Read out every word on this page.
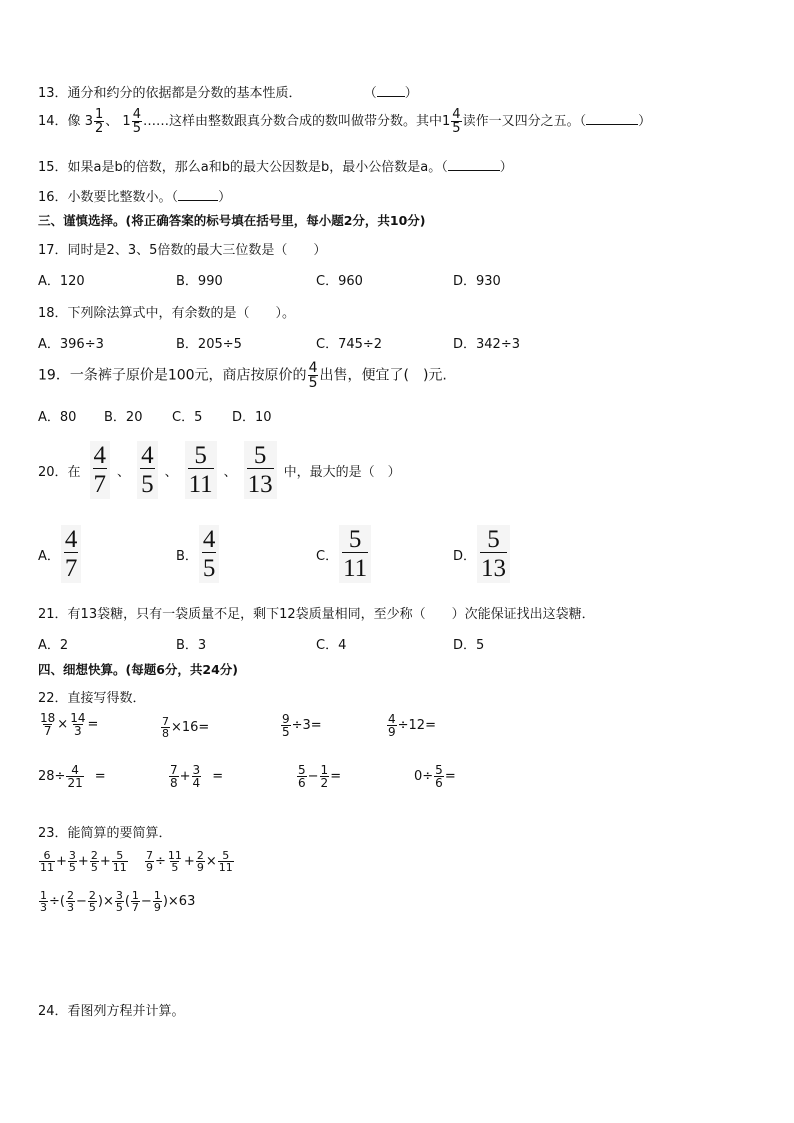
13．通分和约分的依据都是分数的基本性质．	（ ）
14．像 $3 \frac{1}{2}$ 、 $1 \frac{4}{5}$ ……这样由整数跟真分数合成的数叫做带分数。其中$1 \frac{4}{5}$ 读作一又四分之五。（	）
15．如果a是b的倍数，那么a和b的最大公因数是b，最小公倍数是a。（	）
16．小数要比整数小。（	）
三、谨慎选择。(将正确答案的标号填在括号里，每小题2分，共10分)
17．同时是2、3、5倍数的最大三位数是（　　）
A．120	B．990	C．960	D．930
18．下列除法算式中，有余数的是（　　）。
A．396÷3	B．205÷5	C．745÷2	D．342÷3
19．一条裤子原价是100元，商店按原价的 $\frac{4}{5}$ 出售，便宜了(　)元.
A．80 B．20 C．5 D．10
20．在 $\frac{4}{7}$ 、 $\frac{4}{5}$ 、 $\frac{5}{11}$ 、 $\frac{5}{13}$ 中，最大的是（　）
A． $\frac{4}{7}$	B． $\frac{4}{5}$	C． $\frac{5}{11}$	D． $\frac{5}{13}$
21．有13袋糖，只有一袋质量不足，剩下12袋质量相同，至少称（　　）次能保证找出这袋糖．
A．2	B．3	C．4	D．5
四、细想快算。(每题6分，共24分)
22．直接写得数．
$\frac{18}{7} \times \frac{14}{3}$ =	$\frac{7}{8} \times 16=$	$\frac{9}{5} \div 3=$	$\frac{4}{9} \div 12=$
$28\div \frac{4}{21}$ =	$\frac{7}{8} + \frac{3}{4}$ =	$\frac{5}{6} - \frac{1}{2}$ =	$0\div \frac{5}{6}$ =
23．能简算的要简算．
$\frac{6}{11} + \frac{3}{5} + \frac{2}{5} + \frac{5}{11} \frac{7}{9} \div \frac{11}{5} + \frac{2}{9} \times \frac{5}{11}$
$\frac{1}{3}$ ÷( $\frac{2}{3} - \frac{2}{5}$ )× $\frac{3}{5}$ ( $\frac{1}{7} - \frac{1}{9} )\times 63$
24．看图列方程并计算。
